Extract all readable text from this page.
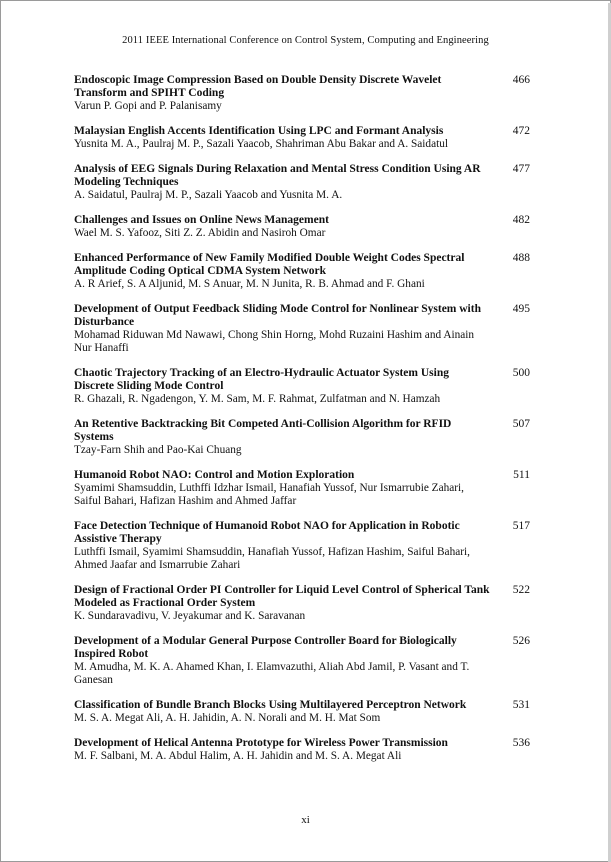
2011 IEEE International Conference on Control System, Computing and Engineering
Endoscopic Image Compression Based on Double Density Discrete Wavelet Transform and SPIHT Coding
Varun P. Gopi and P. Palanisamy
466
Malaysian English Accents Identification Using LPC and Formant Analysis
Yusnita M. A., Paulraj M. P., Sazali Yaacob, Shahriman Abu Bakar and A. Saidatul
472
Analysis of EEG Signals During Relaxation and Mental Stress Condition Using AR Modeling Techniques
A. Saidatul, Paulraj M. P., Sazali Yaacob and Yusnita M. A.
477
Challenges and Issues on Online News Management
Wael M. S. Yafooz, Siti Z. Z. Abidin and Nasiroh Omar
482
Enhanced Performance of New Family Modified Double Weight Codes Spectral Amplitude Coding Optical CDMA System Network
A. R Arief, S. A Aljunid, M. S Anuar, M. N Junita, R. B. Ahmad and F. Ghani
488
Development of Output Feedback Sliding Mode Control for Nonlinear System with Disturbance
Mohamad Riduwan Md Nawawi, Chong Shin Horng, Mohd Ruzaini Hashim and Ainain Nur Hanaffi
495
Chaotic Trajectory Tracking of an Electro-Hydraulic Actuator System Using Discrete Sliding Mode Control
R. Ghazali, R. Ngadengon, Y. M. Sam, M. F. Rahmat, Zulfatman and N. Hamzah
500
An Retentive Backtracking Bit Competed Anti-Collision Algorithm for RFID Systems
Tzay-Farn Shih and Pao-Kai Chuang
507
Humanoid Robot NAO: Control and Motion Exploration
Syamimi Shamsuddin, Luthffi Idzhar Ismail, Hanafiah Yussof, Nur Ismarrubie Zahari, Saiful Bahari, Hafizan Hashim and Ahmed Jaffar
511
Face Detection Technique of Humanoid Robot NAO for Application in Robotic Assistive Therapy
Luthffi Ismail, Syamimi Shamsuddin, Hanafiah Yussof, Hafizan Hashim, Saiful Bahari, Ahmed Jaafar and Ismarrubie Zahari
517
Design of Fractional Order PI Controller for Liquid Level Control of Spherical Tank Modeled as Fractional Order System
K. Sundaravadivu, V. Jeyakumar and K. Saravanan
522
Development of a Modular General Purpose Controller Board for Biologically Inspired Robot
M. Amudha, M. K. A. Ahamed Khan, I. Elamvazuthi, Aliah Abd Jamil, P. Vasant and T. Ganesan
526
Classification of Bundle Branch Blocks Using Multilayered Perceptron Network
M. S. A. Megat Ali, A. H. Jahidin, A. N. Norali and M. H. Mat Som
531
Development of Helical Antenna Prototype for Wireless Power Transmission
M. F. Salbani, M. A. Abdul Halim, A. H. Jahidin and M. S. A. Megat Ali
536
xi
